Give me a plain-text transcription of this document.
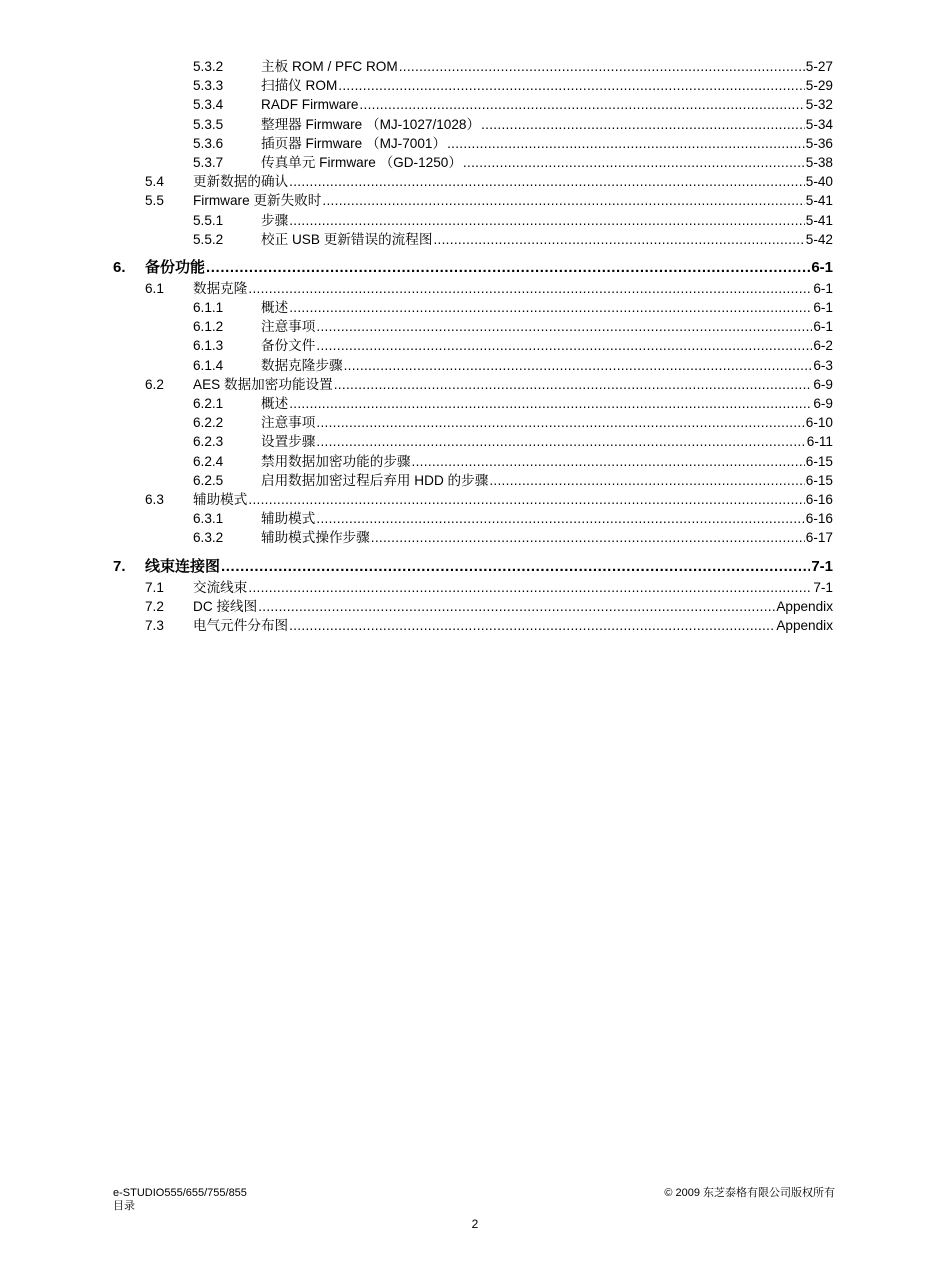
5.3.2	主板 ROM / PFC ROM .....	5-27
5.3.3	扫描仪 ROM .....	5-29
5.3.4	RADF Firmware .....	5-32
5.3.5	整理器 Firmware （MJ-1027/1028） .....	5-34
5.3.6	插页器 Firmware （MJ-7001） .....	5-36
5.3.7	传真单元 Firmware （GD-1250） .....	5-38
5.4 更新数据的确认 .....	5-40
5.5 Firmware 更新失败时 .....	5-41
5.5.1	步骤 .....	5-41
5.5.2	校正 USB 更新错误的流程图 .....	5-42
6. 备份功能 .....	6-1
6.1 数据克隆 .....	6-1
6.1.1	概述 .....	6-1
6.1.2	注意事项 .....	6-1
6.1.3	备份文件 .....	6-2
6.1.4	数据克隆步骤 .....	6-3
6.2 AES 数据加密功能设置 .....	6-9
6.2.1	概述 .....	6-9
6.2.2	注意事项 .....	6-10
6.2.3	设置步骤 .....	6-11
6.2.4	禁用数据加密功能的步骤 .....	6-15
6.2.5	启用数据加密过程后弃用 HDD 的步骤 .....	6-15
6.3 辅助模式 .....	6-16
6.3.1	辅助模式 .....	6-16
6.3.2	辅助模式操作步骤 .....	6-17
7. 线束连接图 .....	7-1
7.1 交流线束 .....	7-1
7.2 DC 接线图 .....	Appendix
7.3 电气元件分布图 .....	Appendix
e-STUDIO555/655/755/855
目录
© 2009 东芝泰格有限公司版权所有
2
